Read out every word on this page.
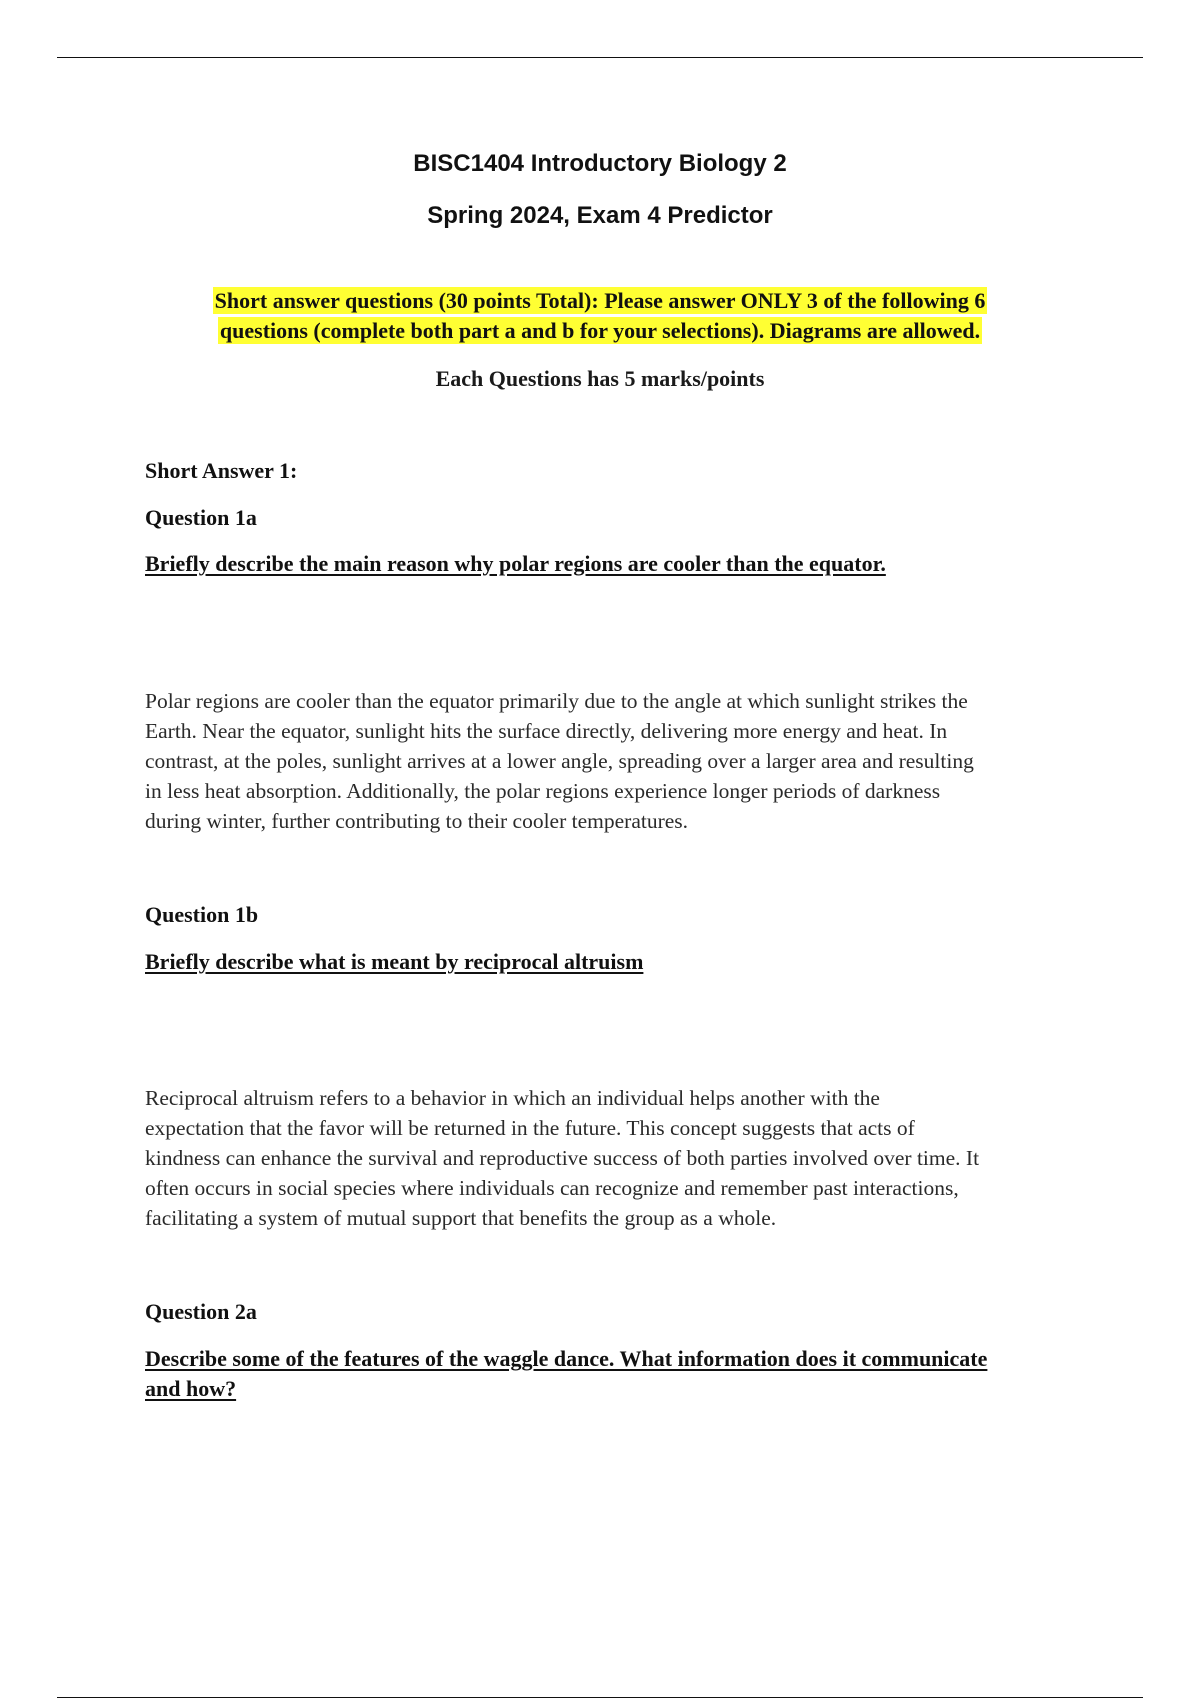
BISC1404 Introductory Biology 2
Spring 2024, Exam 4 Predictor
Short answer questions (30 points Total): Please answer ONLY 3 of the following 6
questions (complete both part a and b for your selections). Diagrams are allowed.
Each Questions has 5 marks/points
Short Answer 1:
Question 1a
Briefly describe the main reason why polar regions are cooler than the equator.
Polar regions are cooler than the equator primarily due to the angle at which sunlight strikes the
Earth. Near the equator, sunlight hits the surface directly, delivering more energy and heat. In
contrast, at the poles, sunlight arrives at a lower angle, spreading over a larger area and resulting
in less heat absorption. Additionally, the polar regions experience longer periods of darkness
during winter, further contributing to their cooler temperatures.
Question 1b
Briefly describe what is meant by reciprocal altruism
Reciprocal altruism refers to a behavior in which an individual helps another with the
expectation that the favor will be returned in the future. This concept suggests that acts of
kindness can enhance the survival and reproductive success of both parties involved over time. It
often occurs in social species where individuals can recognize and remember past interactions,
facilitating a system of mutual support that benefits the group as a whole.
Question 2a
Describe some of the features of the waggle dance. What information does it communicate
and how?
